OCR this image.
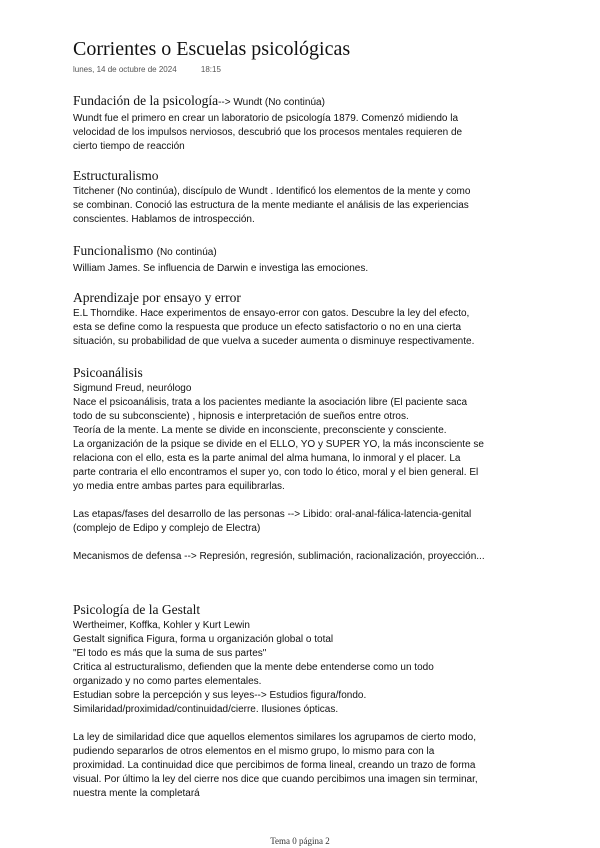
Corrientes o Escuelas psicológicas
lunes, 14 de octubre de 2024	18:15
Fundación de la psicología--> Wundt (No continúa)
Wundt fue el primero en crear un laboratorio de psicología 1879. Comenzó midiendo la
velocidad de los impulsos nerviosos, descubrió que los procesos mentales requieren de
cierto tiempo de reacción
Estructuralismo
Titchener (No continúa), discípulo de Wundt . Identificó los elementos de la mente y como
se combinan. Conoció las estructura de la mente mediante el análisis de las experiencias
conscientes. Hablamos de introspección.
Funcionalismo (No continúa)
William James. Se influencia de Darwin e investiga las emociones.
Aprendizaje por ensayo y error
E.L Thorndike. Hace experimentos de ensayo-error con gatos. Descubre la ley del efecto,
esta se define como la respuesta que produce un efecto satisfactorio o no en una cierta
situación, su probabilidad de que vuelva a suceder aumenta o disminuye respectivamente.
Psicoanálisis
Sigmund Freud, neurólogo
Nace el psicoanálisis, trata a los pacientes mediante la asociación libre (El paciente saca
todo de su subconsciente) , hipnosis e interpretación de sueños entre otros.
Teoría de la mente. La mente se divide en inconsciente, preconsciente y consciente.
La organización de la psique se divide en el ELLO, YO y SUPER YO, la más inconsciente se
relaciona con el ello, esta es la parte animal del alma humana, lo inmoral y el placer. La
parte contraria el ello encontramos el super yo, con todo lo ético, moral y el bien general. El
yo media entre ambas partes para equilibrarlas.
Las etapas/fases del desarrollo de las personas --> Libido: oral-anal-fálica-latencia-genital
(complejo de Edipo y complejo de Electra)
Mecanismos de defensa --> Represión, regresión, sublimación, racionalización, proyección...
Psicología de la Gestalt
Wertheimer, Koffka, Kohler y Kurt Lewin
Gestalt significa Figura, forma u organización global o total
"El todo es más que la suma de sus partes"
Critica al estructuralismo, defienden que la mente debe entenderse como un todo
organizado y no como partes elementales.
Estudian sobre la percepción y sus leyes--> Estudios figura/fondo.
Similaridad/proximidad/continuidad/cierre. Ilusiones ópticas.
La ley de similaridad dice que aquellos elementos similares los agrupamos de cierto modo,
pudiendo separarlos de otros elementos en el mismo grupo, lo mismo para con la
proximidad. La continuidad dice que percibimos de forma lineal, creando un trazo de forma
visual. Por último la ley del cierre nos dice que cuando percibimos una imagen sin terminar,
nuestra mente la completará
Tema 0 página 2
